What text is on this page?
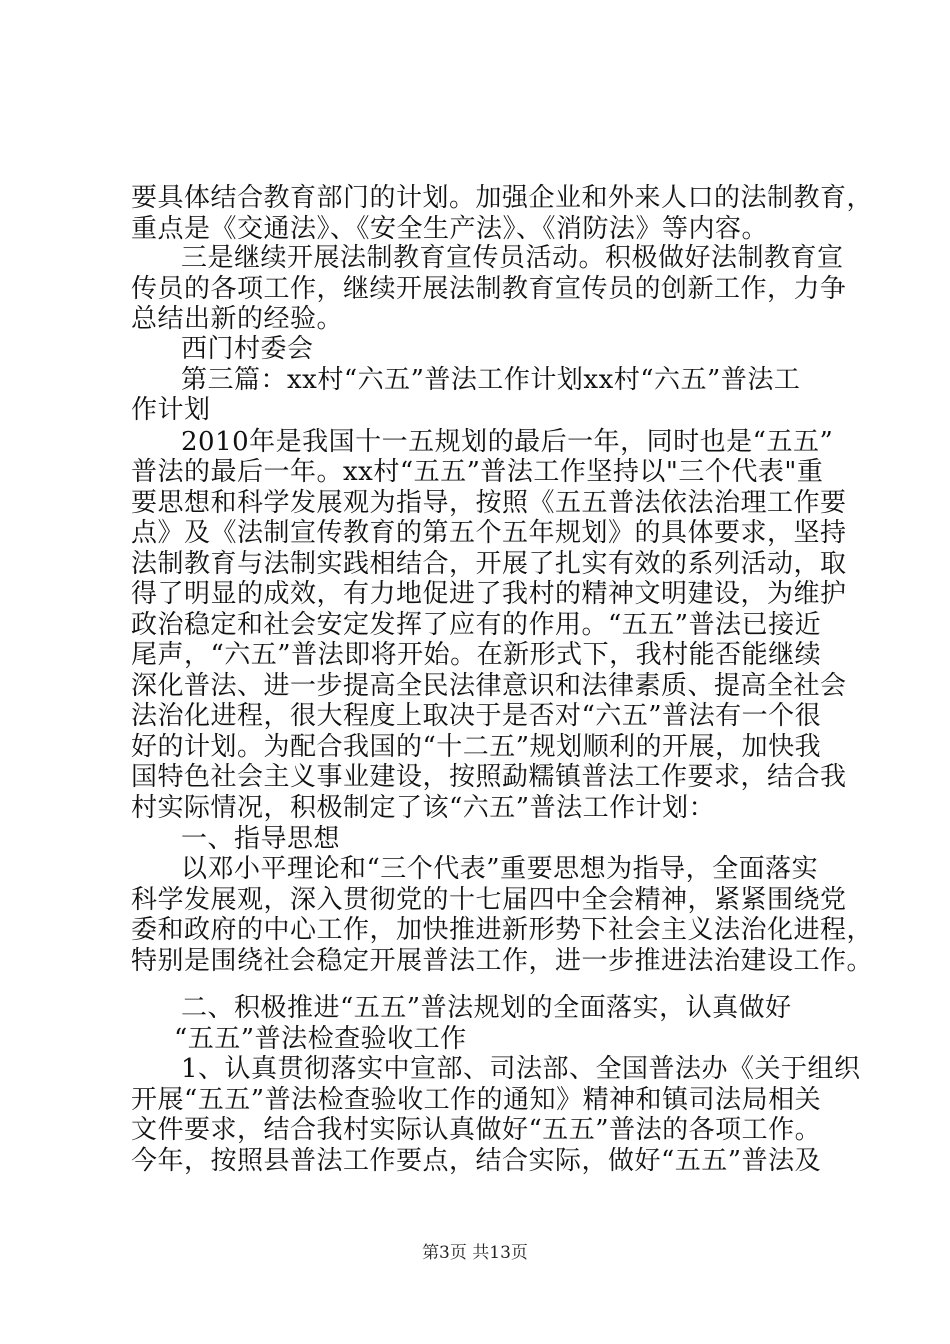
要具体结合教育部门的计划。加强企业和外来人口的法制教育，
重点是《交通法》、《安全生产法》、《消防法》等内容。
三是继续开展法制教育宣传员活动。积极做好法制教育宣
传员的各项工作，继续开展法制教育宣传员的创新工作，力争
总结出新的经验。
西门村委会
第三篇：xx村“六五”普法工作计划xx村“六五”普法工
作计划
2010年是我国十一五规划的最后一年，同时也是“五五”
普法的最后一年。xx村“五五”普法工作坚持以"三个代表"重
要思想和科学发展观为指导，按照《五五普法依法治理工作要
点》及《法制宣传教育的第五个五年规划》的具体要求，坚持
法制教育与法制实践相结合，开展了扎实有效的系列活动，取
得了明显的成效，有力地促进了我村的精神文明建设，为维护
政治稳定和社会安定发挥了应有的作用。“五五”普法已接近
尾声，“六五”普法即将开始。在新形式下，我村能否能继续
深化普法、进一步提高全民法律意识和法律素质、提高全社会
法治化进程，很大程度上取决于是否对“六五”普法有一个很
好的计划。为配合我国的“十二五”规划顺利的开展，加快我
国特色社会主义事业建设，按照勐糯镇普法工作要求，结合我
村实际情况，积极制定了该“六五”普法工作计划：
一、指导思想
以邓小平理论和“三个代表”重要思想为指导，全面落实
科学发展观，深入贯彻党的十七届四中全会精神，紧紧围绕党
委和政府的中心工作，加快推进新形势下社会主义法治化进程，
特别是围绕社会稳定开展普法工作，进一步推进法治建设工作。
二、积极推进“五五”普法规划的全面落实，认真做好
“五五”普法检查验收工作
1、认真贯彻落实中宣部、司法部、全国普法办《关于组织
开展“五五”普法检查验收工作的通知》精神和镇司法局相关
文件要求，结合我村实际认真做好“五五”普法的各项工作。
今年，按照县普法工作要点，结合实际，做好“五五”普法及
第3页 共13页
